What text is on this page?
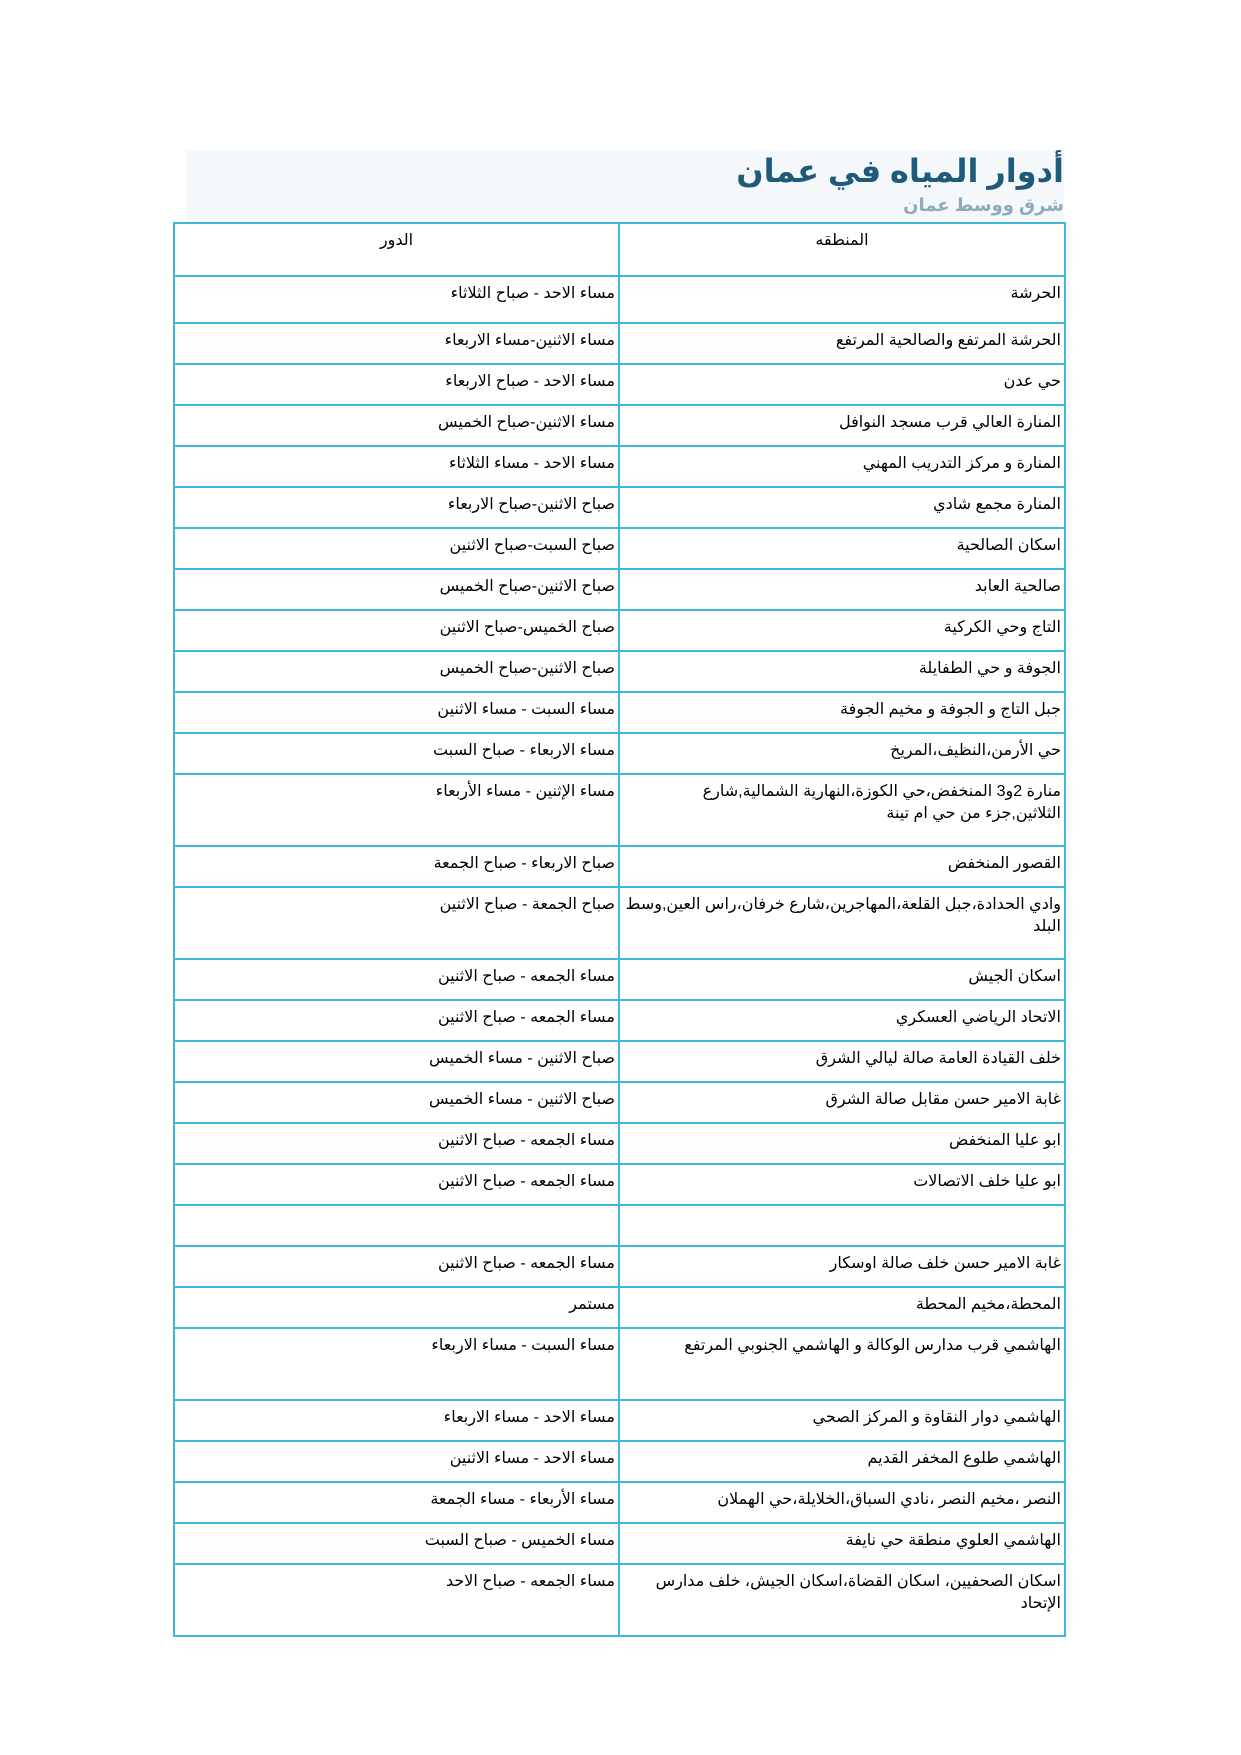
أدوار المياه في عمان
شرق ووسط عمان
المنطقه	الدور
الحرشة	مساء الاحد - صباح الثلاثاء
الحرشة المرتفع والصالحية المرتفع	مساء الاثنين-مساء الاربعاء
حي عدن	مساء الاحد - صباح الاربعاء
المنارة العالي قرب مسجد النوافل	مساء الاثنين-صباح الخميس
المنارة و مركز التدريب المهني	مساء الاحد - مساء الثلاثاء
المنارة مجمع شادي	صباح الاثنين-صباح الاربعاء
اسكان الصالحية	صباح السبت-صباح الاثنين
صالحية العابد	صباح الاثنين-صباح الخميس
التاج وحي الكركية	صباح الخميس-صباح الاثنين
الجوفة و حي الطفايلة	صباح الاثنين-صباح الخميس
جبل التاج و الجوفة و مخيم الجوفة	مساء السبت - مساء الاثنين
حي الأرمن،النظيف،المريخ	مساء الاربعاء - صباح السبت
منارة 2و3 المنخفض،حي الكوزة،النهارية الشمالية,شارع الثلاثين,جزء من حي ام تينة	مساء الإثنين - مساء الأربعاء
القصور المنخفض	صباح الاربعاء - صباح الجمعة
وادي الحدادة،جبل القلعة،المهاجرين،شارع خرفان،راس العين,وسط البلد	صباح الجمعة - صباح الاثنين
اسكان الجيش	مساء الجمعه - صباح الاثنين
الاتحاد الرياضي العسكري	مساء الجمعه - صباح الاثنين
خلف القيادة العامة صالة ليالي الشرق	صباح الاثنين - مساء الخميس
غابة الامير حسن مقابل صالة الشرق	صباح الاثنين - مساء الخميس
ابو عليا المنخفض	مساء الجمعه - صباح الاثنين
ابو عليا خلف الاتصالات	مساء الجمعه - صباح الاثنين

غابة الامير حسن خلف صالة اوسكار	مساء الجمعه - صباح الاثنين
المحطة،مخيم المحطة	مستمر
الهاشمي قرب مدارس الوكالة و الهاشمي الجنوبي المرتفع	مساء السبت - مساء الاربعاء
الهاشمي دوار النقاوة و المركز الصحي	مساء الاحد - مساء الاربعاء
الهاشمي طلوع المخفر القديم	مساء الاحد - مساء الاثنين
النصر ،مخيم النصر ،نادي السباق،الخلايلة،حي الهملان	مساء الأربعاء - مساء الجمعة
الهاشمي العلوي منطقة حي نايفة	مساء الخميس - صباح السبت
اسكان الصحفيين، اسكان القضاة،اسكان الجيش، خلف مدارس الإتحاد	مساء الجمعه - صباح الاحد
